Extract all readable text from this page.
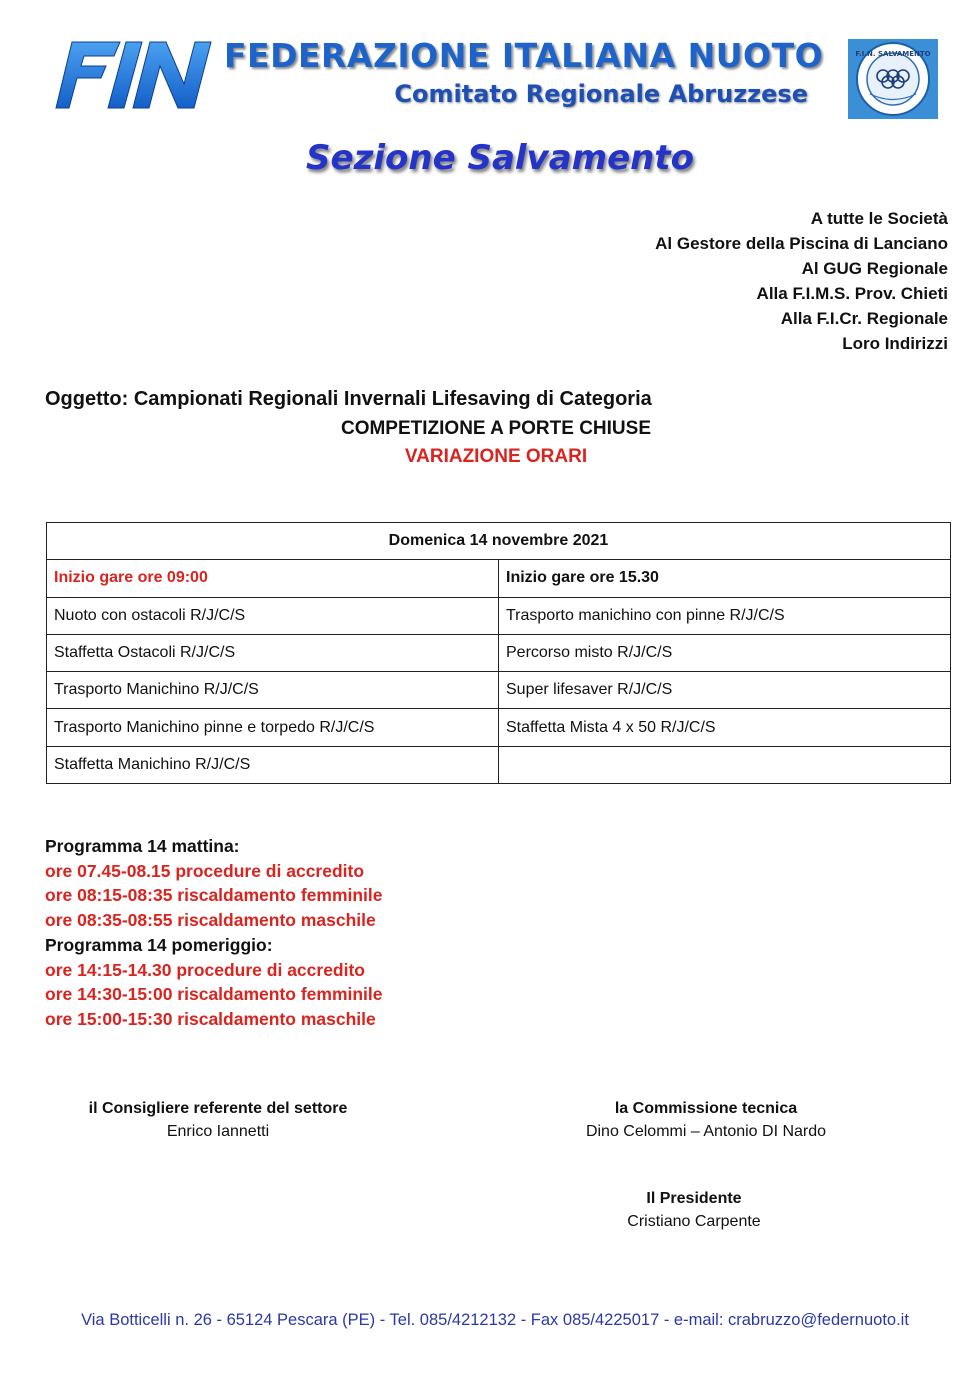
FIN
FEDERAZIONE ITALIANA NUOTO
Comitato Regionale Abruzzese
F.I.N. SALVAMENTO
Sezione Salvamento
A tutte le Società
Al Gestore della Piscina di Lanciano
Al GUG Regionale
Alla F.I.M.S. Prov. Chieti
Alla F.I.Cr. Regionale
Loro Indirizzi
Oggetto: Campionati Regionali Invernali Lifesaving di Categoria
COMPETIZIONE A PORTE CHIUSE
VARIAZIONE ORARI
Domenica 14 novembre 2021	
Inizio gare ore 09:00	Inizio gare ore 15.30
Nuoto con ostacoli R/J/C/S	Trasporto manichino con pinne R/J/C/S
Staffetta Ostacoli R/J/C/S	Percorso misto R/J/C/S
Trasporto Manichino R/J/C/S	Super lifesaver R/J/C/S
Trasporto Manichino pinne e torpedo R/J/C/S	Staffetta Mista 4 x 50 R/J/C/S
Staffetta Manichino R/J/C/S	
Programma 14 mattina:
ore 07.45-08.15 procedure di accredito
ore 08:15-08:35 riscaldamento femminile
ore 08:35-08:55 riscaldamento maschile
Programma 14 pomeriggio:
ore 14:15-14.30 procedure di accredito
ore 14:30-15:00 riscaldamento femminile
ore 15:00-15:30 riscaldamento maschile
il Consigliere referente del settore
Enrico Iannetti
la Commissione tecnica
Dino Celommi – Antonio DI Nardo
Il Presidente
Cristiano Carpente
Via Botticelli n. 26 - 65124 Pescara (PE) - Tel. 085/4212132 - Fax 085/4225017 - e-mail: crabruzzo@federnuoto.it
